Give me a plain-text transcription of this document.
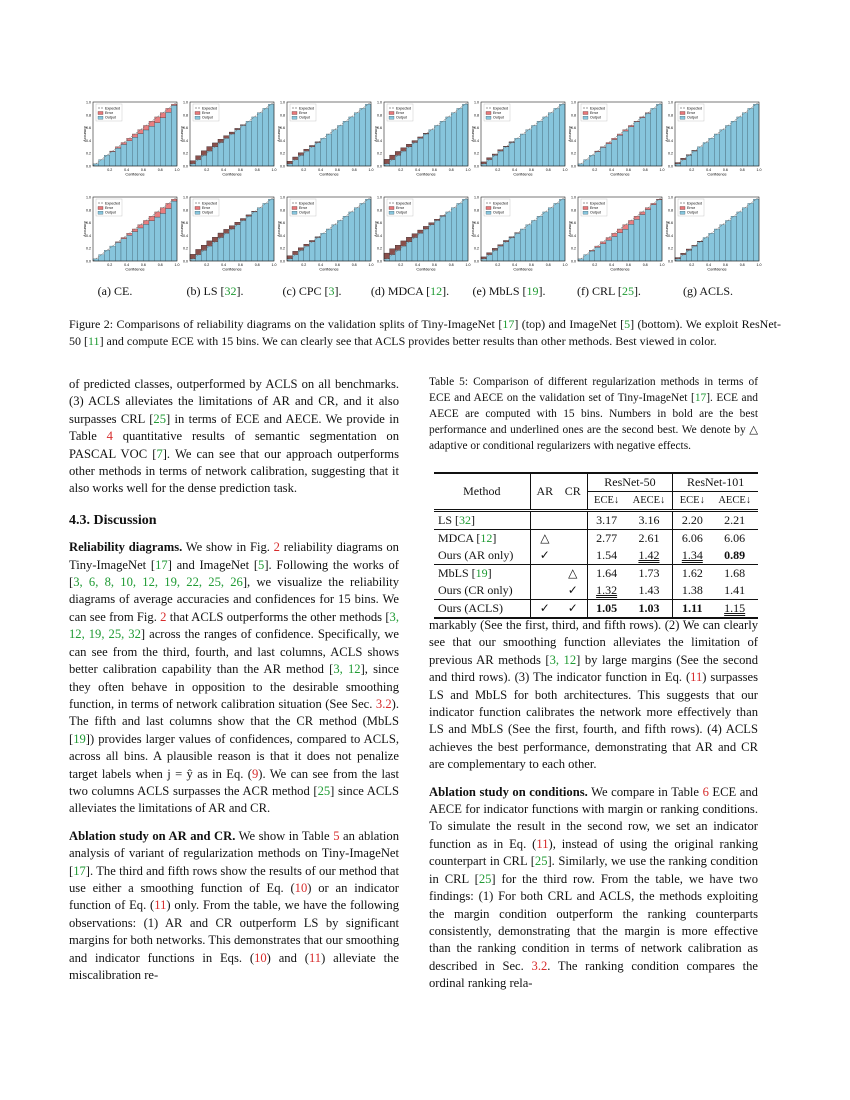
0.0
0.2
0.4
0.6
0.8
1.0
0.2	0.4	0.6	0.8	1.0
Confidence
Accuracy
Expected
Error
Output
0.0
0.2
0.4
0.6
0.8
1.0
0.2	0.4	0.6	0.8	1.0
Confidence
Accuracy
Expected
Error
Output
0.0
0.2
0.4
0.6
0.8
1.0
0.2	0.4	0.6	0.8	1.0
Confidence
Accuracy
Expected
Error
Output
0.0
0.2
0.4
0.6
0.8
1.0
0.2	0.4	0.6	0.8	1.0
Confidence
Accuracy
Expected
Error
Output
0.0
0.2
0.4
0.6
0.8
1.0
0.2	0.4	0.6	0.8	1.0
Confidence
Accuracy
Expected
Error
Output
0.0
0.2
0.4
0.6
0.8
1.0
0.2	0.4	0.6	0.8	1.0
Confidence
Accuracy
Expected
Error
Output
0.0
0.2
0.4
0.6
0.8
1.0
0.2	0.4	0.6	0.8	1.0
Confidence
Accuracy
Expected
Error
Output
0.0
0.2
0.4
0.6
0.8
1.0
0.2	0.4	0.6	0.8	1.0
Confidence
Accuracy
Expected
Error
Output
0.0
0.2
0.4
0.6
0.8
1.0
0.2	0.4	0.6	0.8	1.0
Confidence
Accuracy
Expected
Error
Output
0.0
0.2
0.4
0.6
0.8
1.0
0.2	0.4	0.6	0.8	1.0
Confidence
Accuracy
Expected
Error
Output
0.0
0.2
0.4
0.6
0.8
1.0
0.2	0.4	0.6	0.8	1.0
Confidence
Accuracy
Expected
Error
Output
0.0
0.2
0.4
0.6
0.8
1.0
0.2	0.4	0.6	0.8	1.0
Confidence
Accuracy
Expected
Error
Output
0.0
0.2
0.4
0.6
0.8
1.0
0.2	0.4	0.6	0.8	1.0
Confidence
Accuracy
Expected
Error
Output
0.0
0.2
0.4
0.6
0.8
1.0
0.2	0.4	0.6	0.8	1.0
Confidence
Accuracy
Expected
Error
Output
(a) CE.	(b) LS [32].	(c) CPC [3].	(d) MDCA [12].	(e) MbLS [19].	(f) CRL [25].	(g) ACLS.
Figure 2: Comparisons of reliability diagrams on the validation splits of Tiny-ImageNet [17] (top) and ImageNet [5] (bottom). We exploit ResNet-50 [11] and compute ECE with 15 bins. We can clearly see that ACLS provides better results than other methods. Best viewed in color.

of predicted classes, outperformed by ACLS on all benchmarks. (3) ACLS alleviates the limitations of AR and CR, and it also surpasses CRL [25] in terms of ECE and AECE. We provide in Table 4 quantitative results of semantic segmentation on PASCAL VOC [7]. We can see that our approach outperforms other methods in terms of network calibration, suggesting that it also works well for the dense prediction task.

4.3. Discussion

Reliability diagrams. We show in Fig. 2 reliability diagrams on Tiny-ImageNet [17] and ImageNet [5]. Following the works of [3, 6, 8, 10, 12, 19, 22, 25, 26], we visualize the reliability diagrams of average accuracies and confidences for 15 bins. We can see from Fig. 2 that ACLS outperforms the other methods [3, 12, 19, 25, 32] across the ranges of confidence. Specifically, we can see from the third, fourth, and last columns, ACLS shows better calibration capability than the AR method [3, 12], since they often behave in opposition to the desirable smoothing function, in terms of network calibration situation (See Sec. 3.2). The fifth and last columns show that the CR method (MbLS [19]) provides larger values of confidences, compared to ACLS, across all bins. A plausible reason is that it does not penalize target labels when j = ŷ as in Eq. (9). We can see from the last two columns ACLS surpasses the ACR method [25] since ACLS alleviates the limitations of AR and CR.

Ablation study on AR and CR. We show in Table 5 an ablation analysis of variant of regularization methods on Tiny-ImageNet [17]. The third and fifth rows show the results of our method that use either a smoothing function of Eq. (10) or an indicator function of Eq. (11) only. From the table, we have the following observations: (1) AR and CR outperform LS by significant margins for both networks. This demonstrates that our smoothing and indicator functions in Eqs. (10) and (11) alleviate the miscalibration re-

Table 5: Comparison of different regularization methods in terms of ECE and AECE on the validation set of Tiny-ImageNet [17]. ECE and AECE are computed with 15 bins. Numbers in bold are the best performance and underlined ones are the second best. We denote by △ adaptive or conditional regularizers with negative effects.
Method	AR	CR	ResNet-50		ResNet-101	
			ECE↓	AECE↓	ECE↓	AECE↓
LS [32]			3.17	3.16	2.20	2.21
MDCA [12]	△		2.77	2.61	6.06	6.06
Ours (AR only)	✓		1.54	1.42	1.34	0.89
MbLS [19]		△	1.64	1.73	1.62	1.68
Ours (CR only)		✓	1.32	1.43	1.38	1.41
Ours (ACLS)	✓	✓	1.05	1.03	1.11	1.15

markably (See the first, third, and fifth rows). (2) We can clearly see that our smoothing function alleviates the limitation of previous AR methods [3, 12] by large margins (See the second and third rows). (3) The indicator function in Eq. (11) surpasses LS and MbLS for both architectures. This suggests that our indicator function calibrates the network more effectively than LS and MbLS (See the first, fourth, and fifth rows). (4) ACLS achieves the best performance, demonstrating that AR and CR are complementary to each other.

Ablation study on conditions. We compare in Table 6 ECE and AECE for indicator functions with margin or ranking conditions. To simulate the result in the second row, we set an indicator function as in Eq. (11), instead of using the original ranking counterpart in CRL [25]. Similarly, we use the ranking condition in CRL [25] for the third row. From the table, we have two findings: (1) For both CRL and ACLS, the methods exploiting the margin condition outperform the ranking counterparts consistently, demonstrating that the margin is more effective than the ranking condition in terms of network calibration as described in Sec. 3.2. The ranking condition compares the ordinal ranking rela-
